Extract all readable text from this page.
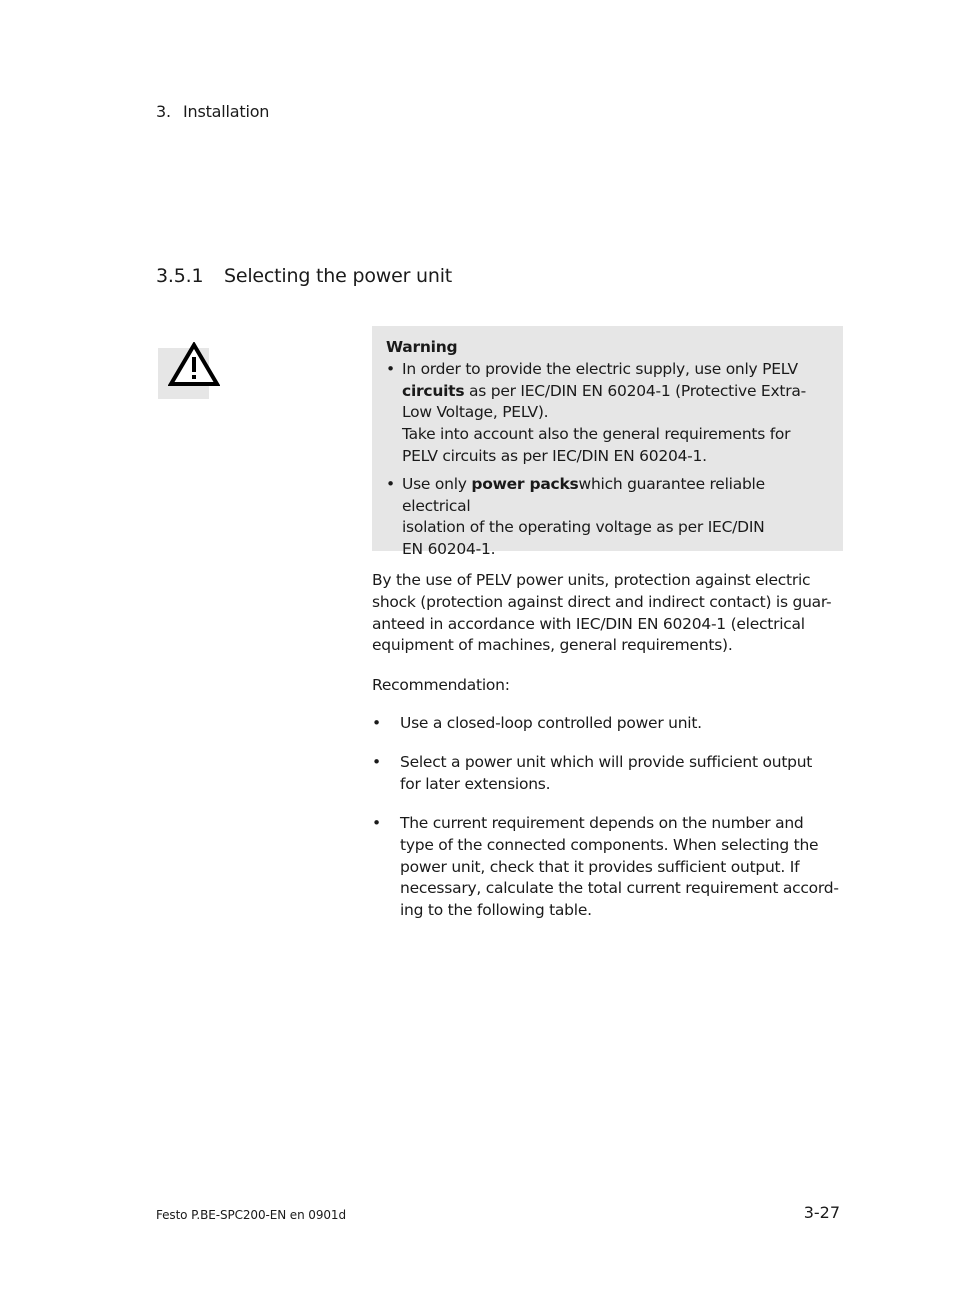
3. Installation
3.5.1 Selecting the power unit
Warning
• In order to provide the electric supply, use only PELV
circuits as per IEC/DIN EN 60204-1 (Protective Extra-
Low Voltage, PELV).
Take into account also the general requirements for
PELV circuits as per IEC/DIN EN 60204-1.
• Use only power packswhich guarantee reliable electrical
isolation of the operating voltage as per IEC/DIN
EN 60204-1.
By the use of PELV power units, protection against electric
shock (protection against direct and indirect contact) is guar-
anteed in accordance with IEC/DIN EN 60204-1 (electrical
equipment of machines, general requirements).
Recommendation:
• Use a closed-loop controlled power unit.
• Select a power unit which will provide sufficient output
for later extensions.
• The current requirement depends on the number and
type of the connected components. When selecting the
power unit, check that it provides sufficient output. If
necessary, calculate the total current requirement accord-
ing to the following table.
Festo P.BE-SPC200-EN en 0901d	3-27
